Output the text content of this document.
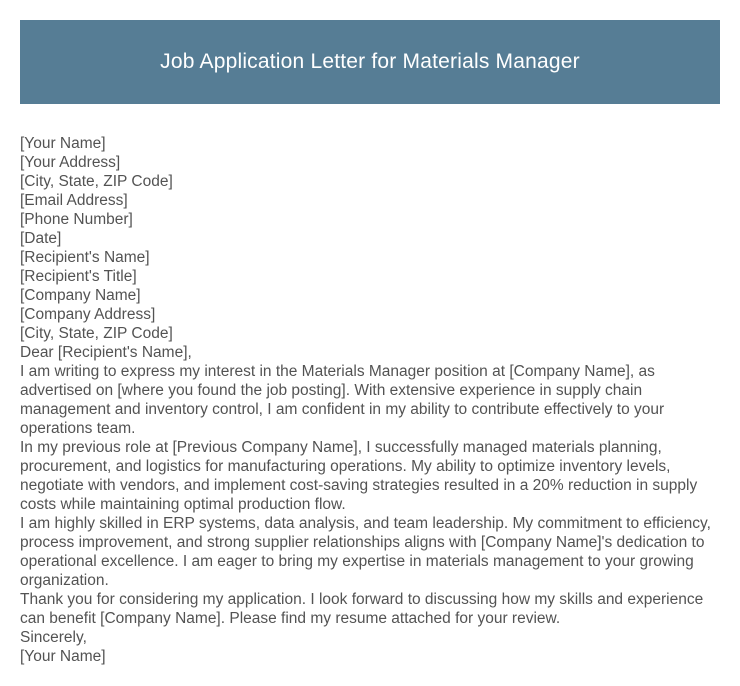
Job Application Letter for Materials Manager

[Your Name]

[Your Address]

[City, State, ZIP Code]

[Email Address]

[Phone Number]

[Date]

[Recipient's Name]

[Recipient's Title]

[Company Name]

[Company Address]

[City, State, ZIP Code]

Dear [Recipient's Name],

I am writing to express my interest in the Materials Manager position at [Company Name], as advertised on [where you found the job posting]. With extensive experience in supply chain management and inventory control, I am confident in my ability to contribute effectively to your operations team.

In my previous role at [Previous Company Name], I successfully managed materials planning, procurement, and logistics for manufacturing operations. My ability to optimize inventory levels, negotiate with vendors, and implement cost-saving strategies resulted in a 20% reduction in supply costs while maintaining optimal production flow.

I am highly skilled in ERP systems, data analysis, and team leadership. My commitment to efficiency, process improvement, and strong supplier relationships aligns with [Company Name]'s dedication to operational excellence. I am eager to bring my expertise in materials management to your growing organization.

Thank you for considering my application. I look forward to discussing how my skills and experience can benefit [Company Name]. Please find my resume attached for your review.

Sincerely,

[Your Name]
